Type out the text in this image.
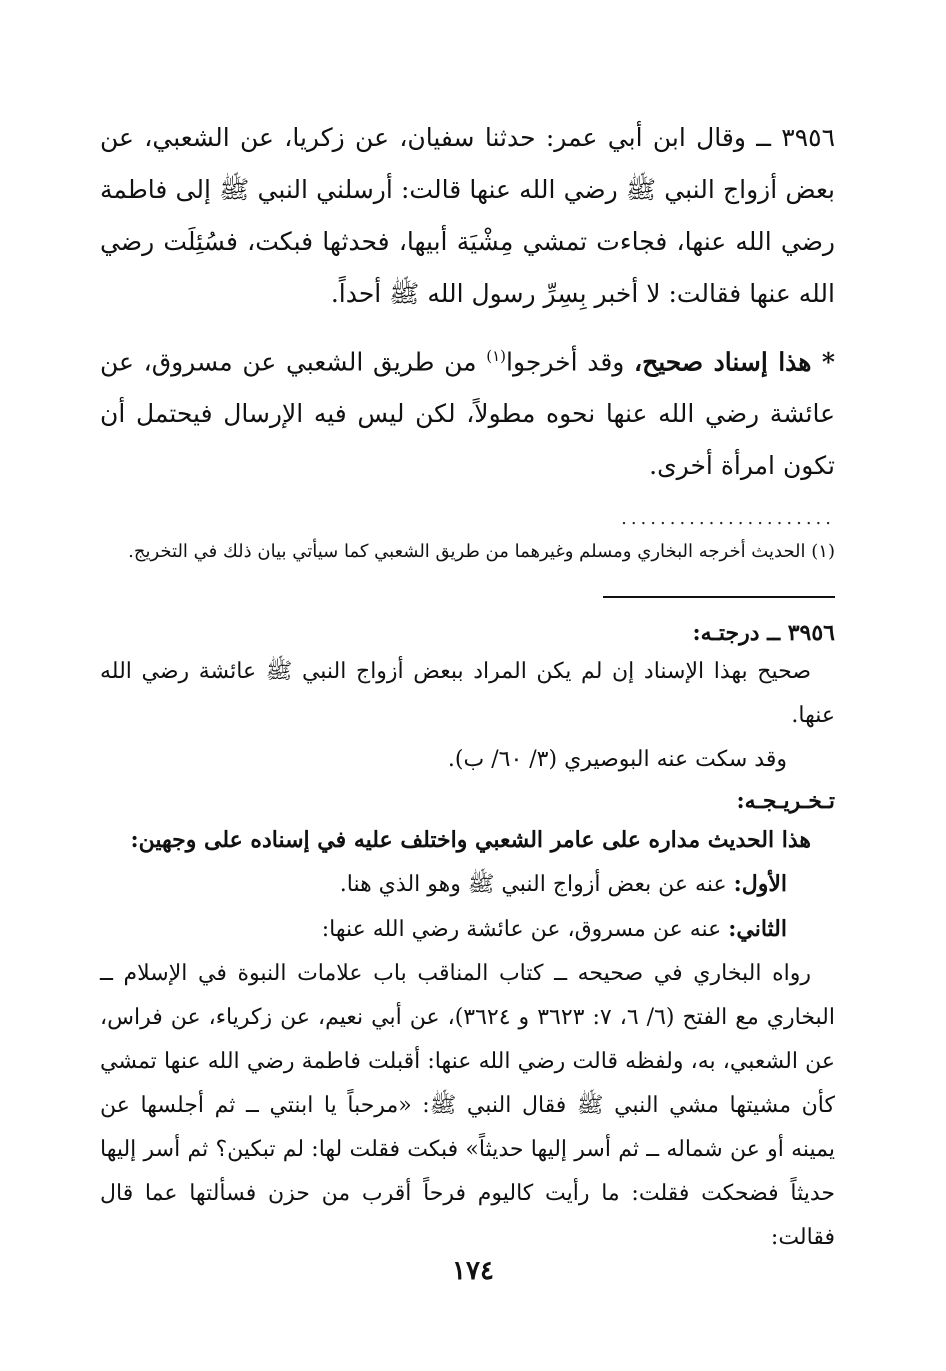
٣٩٥٦ ــ وقال ابن أبي عمر: حدثنا سفيان، عن زكريا، عن الشعبي، عن بعض أزواج النبي ﷺ رضي الله عنها قالت: أرسلني النبي ﷺ إلى فاطمة رضي الله عنها، فجاءت تمشي مِشْيَة أبيها، فحدثها فبكت، فسُئِلَت رضي الله عنها فقالت: لا أخبر بِسِرِّ رسول الله ﷺ أحداً.

* هذا إسناد صحيح، وقد أخرجوا$^{(١)}$ من طريق الشعبي عن مسروق، عن عائشة رضي الله عنها نحوه مطولاً، لكن ليس فيه الإرسال فيحتمل أن تكون امرأة أخرى.

......................

(١) الحديث أخرجه البخاري ومسلم وغيرهما من طريق الشعبي كما سيأتي بيان ذلك في التخريج.

٣٩٥٦ ــ درجتـه:

صحيح بهذا الإسناد إن لم يكن المراد ببعض أزواج النبي ﷺ عائشة رضي الله عنها.

وقد سكت عنه البوصيري (٣/ ٦٠/ ب).

تـخـريـجـه:

هذا الحديث مداره على عامر الشعبي واختلف عليه في إسناده على وجهين:

الأول: عنه عن بعض أزواج النبي ﷺ وهو الذي هنا.

الثاني: عنه عن مسروق، عن عائشة رضي الله عنها:

رواه البخاري في صحيحه ــ كتاب المناقب باب علامات النبوة في الإسلام ــ البخاري مع الفتح (٦/ ٦، ٧: ٣٦٢٣ و ٣٦٢٤)، عن أبي نعيم، عن زكرياء، عن فراس، عن الشعبي، به، ولفظه قالت رضي الله عنها: أقبلت فاطمة رضي الله عنها تمشي كأن مشيتها مشي النبي ﷺ فقال النبي ﷺ: «مرحباً يا ابنتي ــ ثم أجلسها عن يمينه أو عن شماله ــ ثم أسر إليها حديثاً» فبكت فقلت لها: لم تبكين؟ ثم أسر إليها حديثاً فضحكت فقلت: ما رأيت كاليوم فرحاً أقرب من حزن فسألتها عما قال فقالت:

١٧٤
